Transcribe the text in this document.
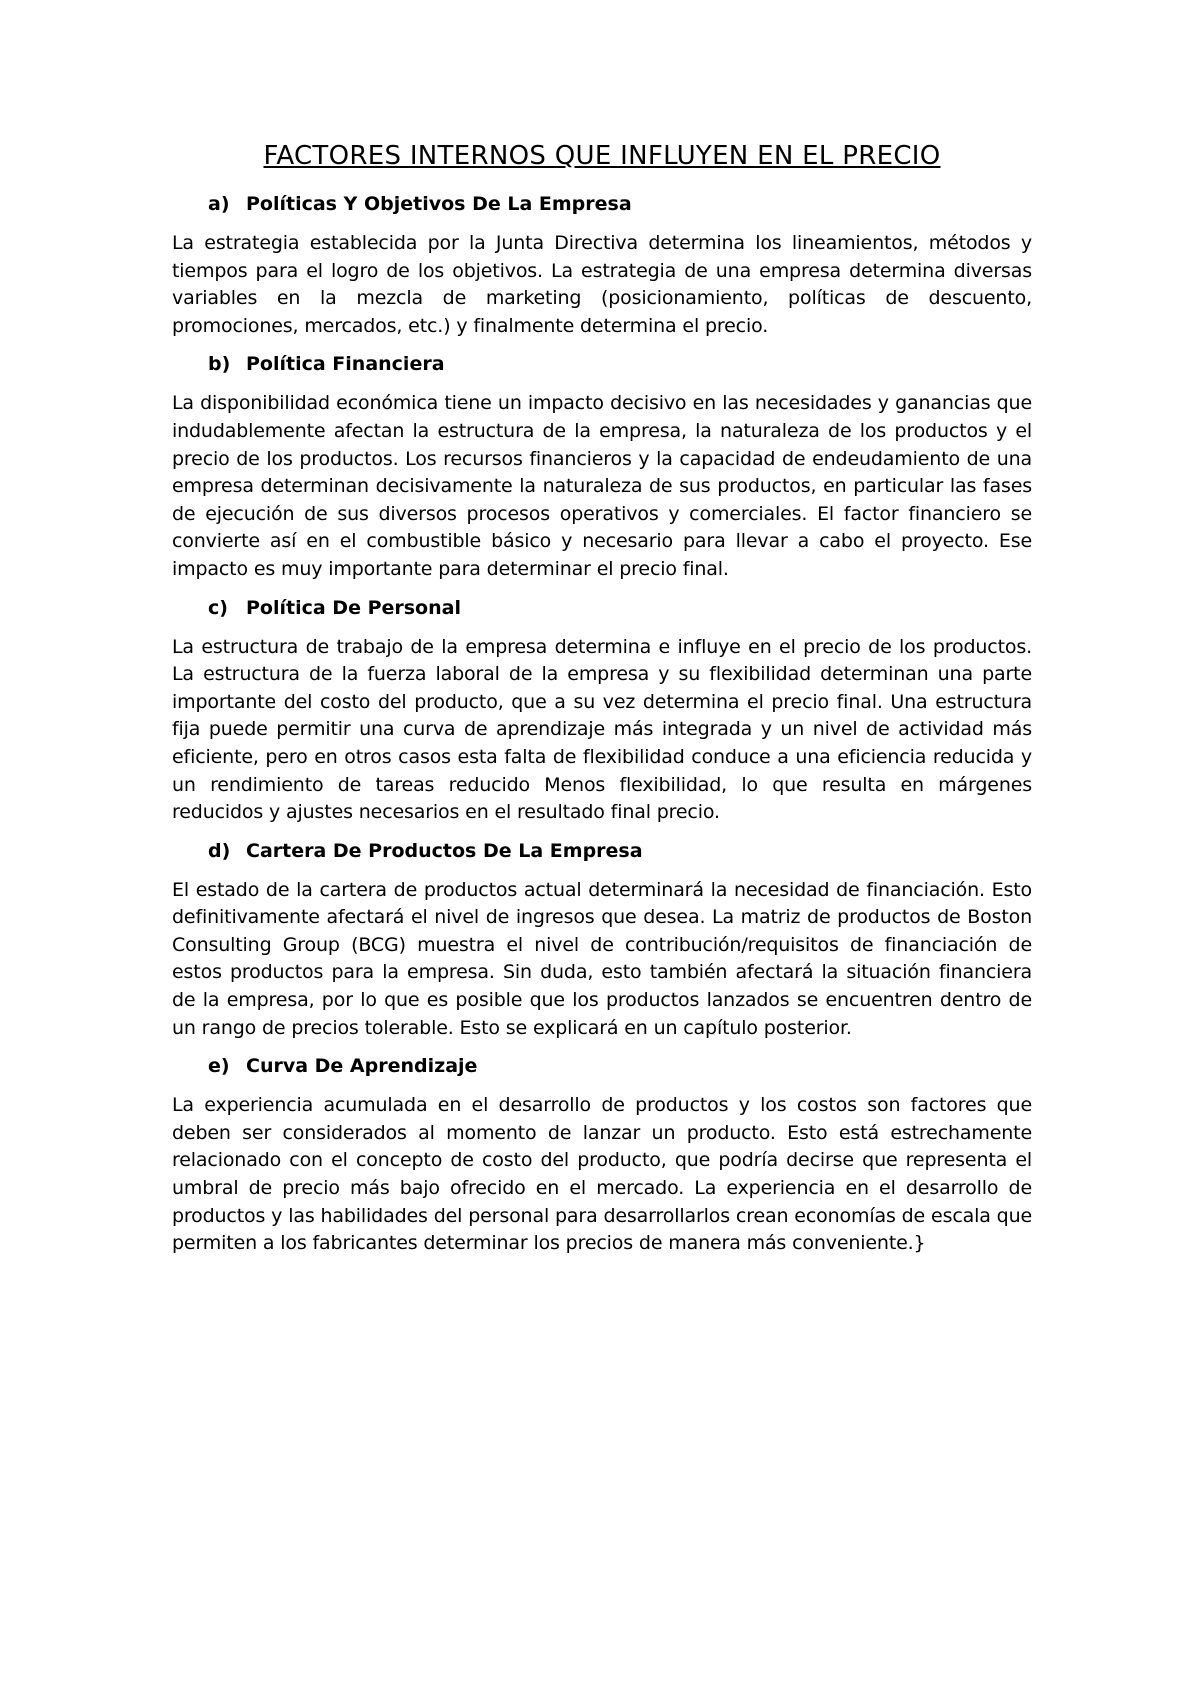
FACTORES INTERNOS QUE INFLUYEN EN EL PRECIO
a) Políticas Y Objetivos De La Empresa

La estrategia establecida por la Junta Directiva determina los lineamientos, métodos y tiempos para el logro de los objetivos. La estrategia de una empresa determina diversas variables en la mezcla de marketing (posicionamiento, políticas de descuento, promociones, mercados, etc.) y finalmente determina el precio.

b) Política Financiera

La disponibilidad económica tiene un impacto decisivo en las necesidades y ganancias que indudablemente afectan la estructura de la empresa, la naturaleza de los productos y el precio de los productos. Los recursos financieros y la capacidad de endeudamiento de una empresa determinan decisivamente la naturaleza de sus productos, en particular las fases de ejecución de sus diversos procesos operativos y comerciales. El factor financiero se convierte así en el combustible básico y necesario para llevar a cabo el proyecto. Ese impacto es muy importante para determinar el precio final.

c) Política De Personal

La estructura de trabajo de la empresa determina e influye en el precio de los productos. La estructura de la fuerza laboral de la empresa y su flexibilidad determinan una parte importante del costo del producto, que a su vez determina el precio final. Una estructura fija puede permitir una curva de aprendizaje más integrada y un nivel de actividad más eficiente, pero en otros casos esta falta de flexibilidad conduce a una eficiencia reducida y un rendimiento de tareas reducido Menos flexibilidad, lo que resulta en márgenes reducidos y ajustes necesarios en el resultado final precio.

d) Cartera De Productos De La Empresa

El estado de la cartera de productos actual determinará la necesidad de financiación. Esto definitivamente afectará el nivel de ingresos que desea. La matriz de productos de Boston Consulting Group (BCG) muestra el nivel de contribución/requisitos de financiación de estos productos para la empresa. Sin duda, esto también afectará la situación financiera de la empresa, por lo que es posible que los productos lanzados se encuentren dentro de un rango de precios tolerable. Esto se explicará en un capítulo posterior.

e) Curva De Aprendizaje

La experiencia acumulada en el desarrollo de productos y los costos son factores que deben ser considerados al momento de lanzar un producto. Esto está estrechamente relacionado con el concepto de costo del producto, que podría decirse que representa el umbral de precio más bajo ofrecido en el mercado. La experiencia en el desarrollo de productos y las habilidades del personal para desarrollarlos crean economías de escala que permiten a los fabricantes determinar los precios de manera más conveniente.}
